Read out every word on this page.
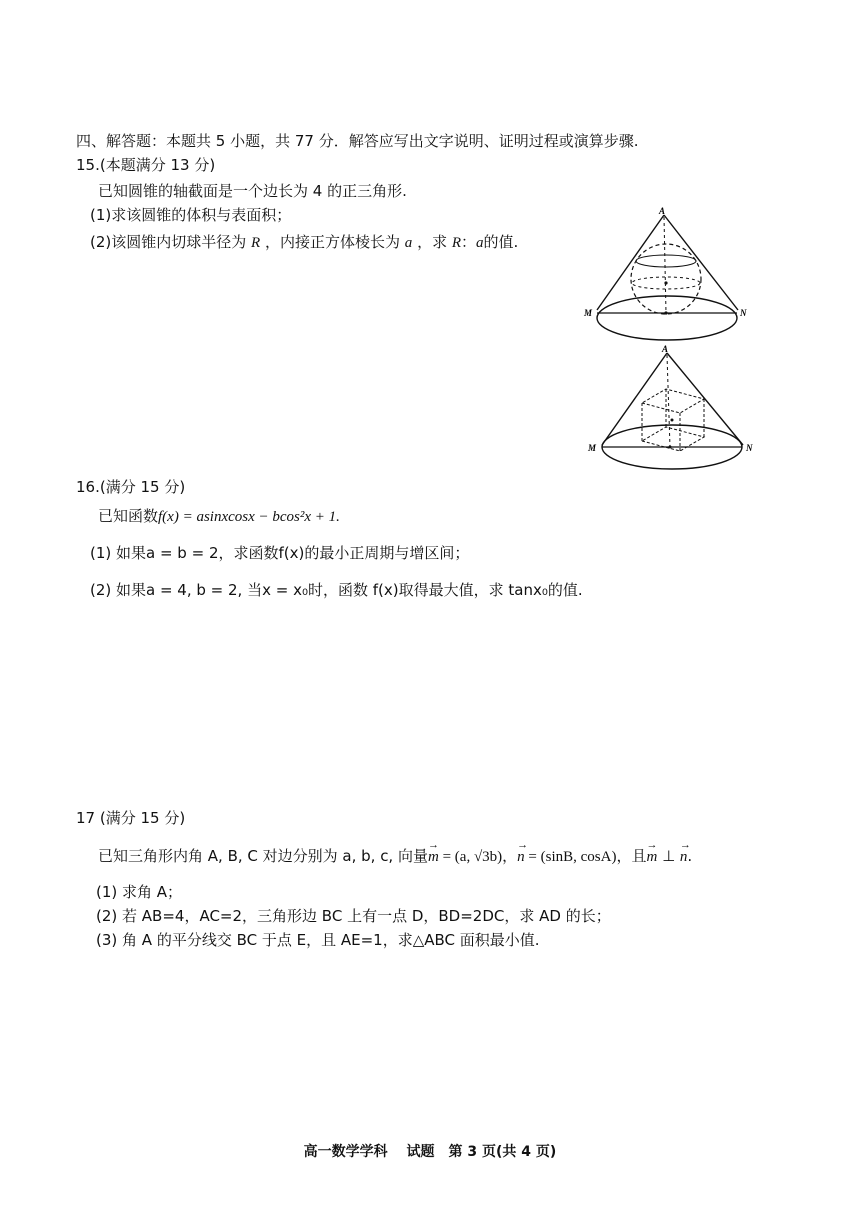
四、解答题：本题共 5 小题，共 77 分．解答应写出文字说明、证明过程或演算步骤.
15.(本题满分 13 分)
已知圆锥的轴截面是一个边长为 4 的正三角形.
(1)求该圆锥的体积与表面积；
(2)该圆锥内切球半径为 R ，内接正方体棱长为 a ，求 R：a的值.
A
M	N
A
M	N
16.(满分 15 分)
已知函数f(x) = asinxcosx − bcos²x + 1.
(1) 如果a = b = 2，求函数f(x)的最小正周期与增区间；
(2) 如果a = 4, b = 2, 当x = x₀时，函数 f(x)取得最大值，求 tanx₀的值.
17 (满分 15 分)
已知三角形内角 A, B, C 对边分别为 a, b, c, 向量→ m = (a, √3b)，→ n = (sinB, cosA)，且→ m ⊥ → n.
(1) 求角 A；
(2) 若 AB=4，AC=2，三角形边 BC 上有一点 D，BD=2DC，求 AD 的长；
(3) 角 A 的平分线交 BC 于点 E，且 AE=1，求△ABC 面积最小值.
高一数学学科　 试题　第 3 页(共 4 页)
